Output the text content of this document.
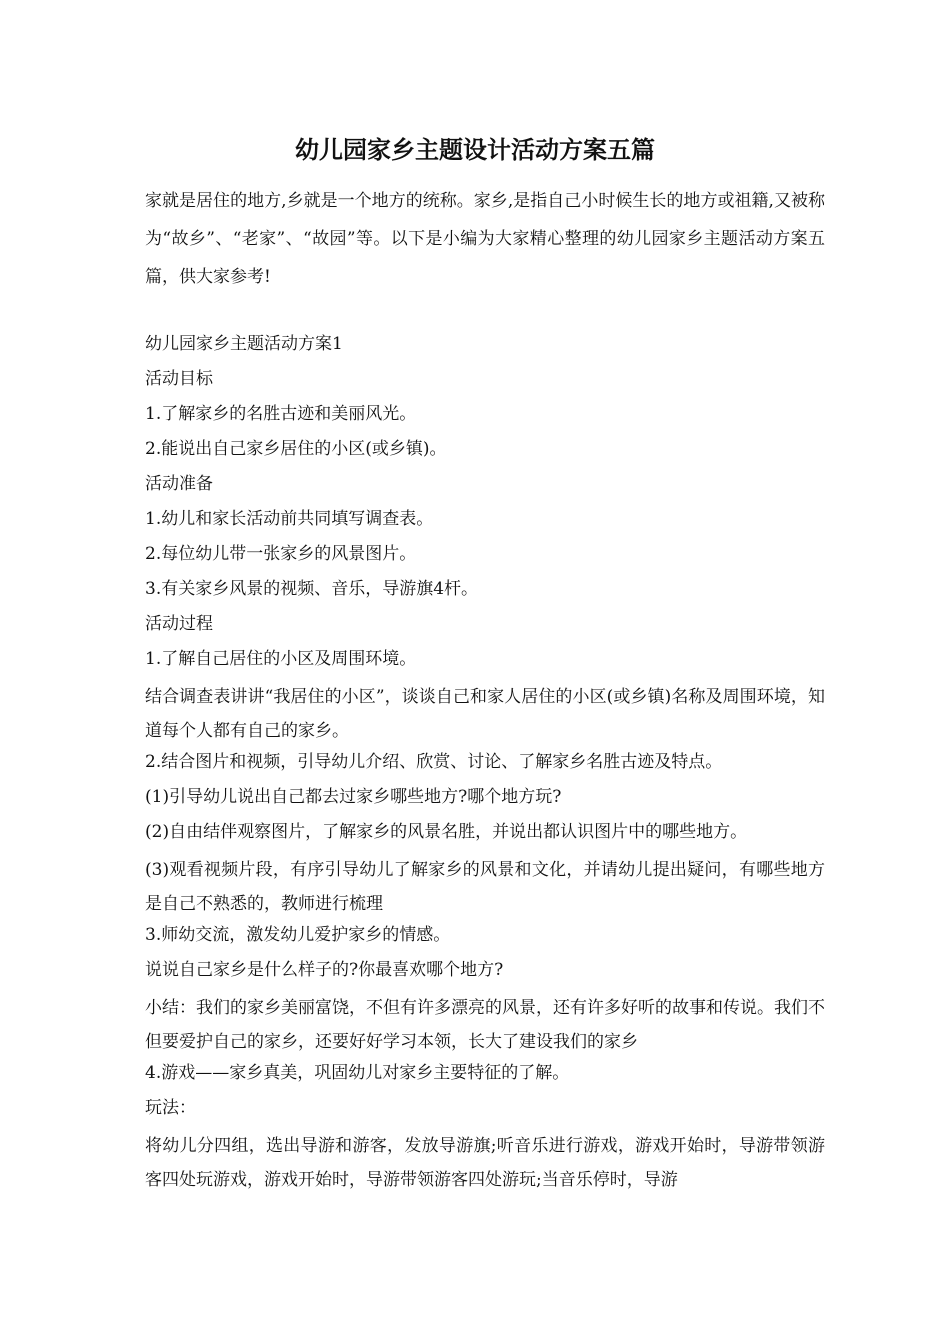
幼儿园家乡主题设计活动方案五篇
家就是居住的地方,乡就是一个地方的统称。家乡,是指自己小时候生长的地方或祖籍,又被称为“故乡”、“老家”、“故园”等。以下是小编为大家精心整理的幼儿园家乡主题活动方案五篇，供大家参考!

幼儿园家乡主题活动方案1

活动目标

1.了解家乡的名胜古迹和美丽风光。

2.能说出自己家乡居住的小区(或乡镇)。

活动准备

1.幼儿和家长活动前共同填写调查表。

2.每位幼儿带一张家乡的风景图片。

3.有关家乡风景的视频、音乐，导游旗4杆。

活动过程

1.了解自己居住的小区及周围环境。

结合调查表讲讲“我居住的小区”，谈谈自己和家人居住的小区(或乡镇)名称及周围环境，知道每个人都有自己的家乡。

2.结合图片和视频，引导幼儿介绍、欣赏、讨论、了解家乡名胜古迹及特点。

(1)引导幼儿说出自己都去过家乡哪些地方?哪个地方玩?

(2)自由结伴观察图片，了解家乡的风景名胜，并说出都认识图片中的哪些地方。

(3)观看视频片段，有序引导幼儿了解家乡的风景和文化，并请幼儿提出疑问，有哪些地方是自己不熟悉的，教师进行梳理

3.师幼交流，激发幼儿爱护家乡的情感。

说说自己家乡是什么样子的?你最喜欢哪个地方?

小结：我们的家乡美丽富饶，不但有许多漂亮的风景，还有许多好听的故事和传说。我们不但要爱护自己的家乡，还要好好学习本领，长大了建设我们的家乡

4.游戏——家乡真美，巩固幼儿对家乡主要特征的了解。

玩法：

将幼儿分四组，选出导游和游客，发放导游旗;听音乐进行游戏，游戏开始时，导游带领游客四处玩游戏，游戏开始时，导游带领游客四处游玩;当音乐停时，导游
